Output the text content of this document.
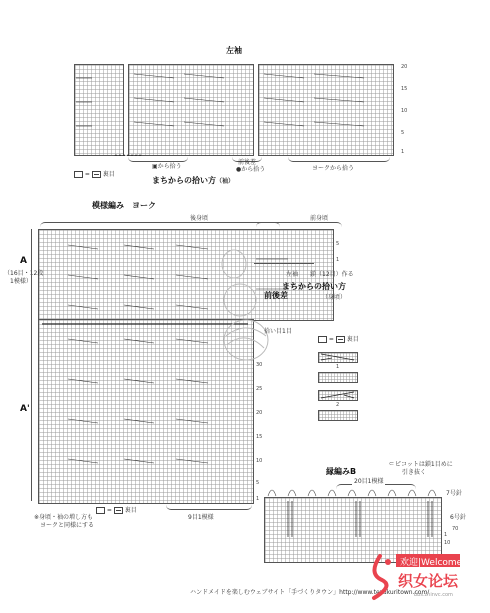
左袖
20
15
10
5
1
▣から拾う
前後差
●から拾う	ヨークから拾う
=  裏目
まちからの拾い方（袖）
模様編み　ヨーク
後身頃	前身頃
A
（16目・12段
1模様）
A'
左袖 鎖（12目）作る
前後差
まちからの拾い方
（身頃）
拾い目1目
5
1
30
25
20
15
10
5
1
=  裏目
9目1模様
※身頃・袖の増し方も
ヨークと同様にする
=  裏目
1
2
縁編みB
⸦ピコットは鎖1目めに
引き抜く
20目1模様
7号針
6号針
1
10
70
ハンドメイドを楽しむウェブサイト「手づくりタウン」http://www.tezukuritown.com/
欢迎|Welcome
织女论坛
bbs.zhinvc.com
